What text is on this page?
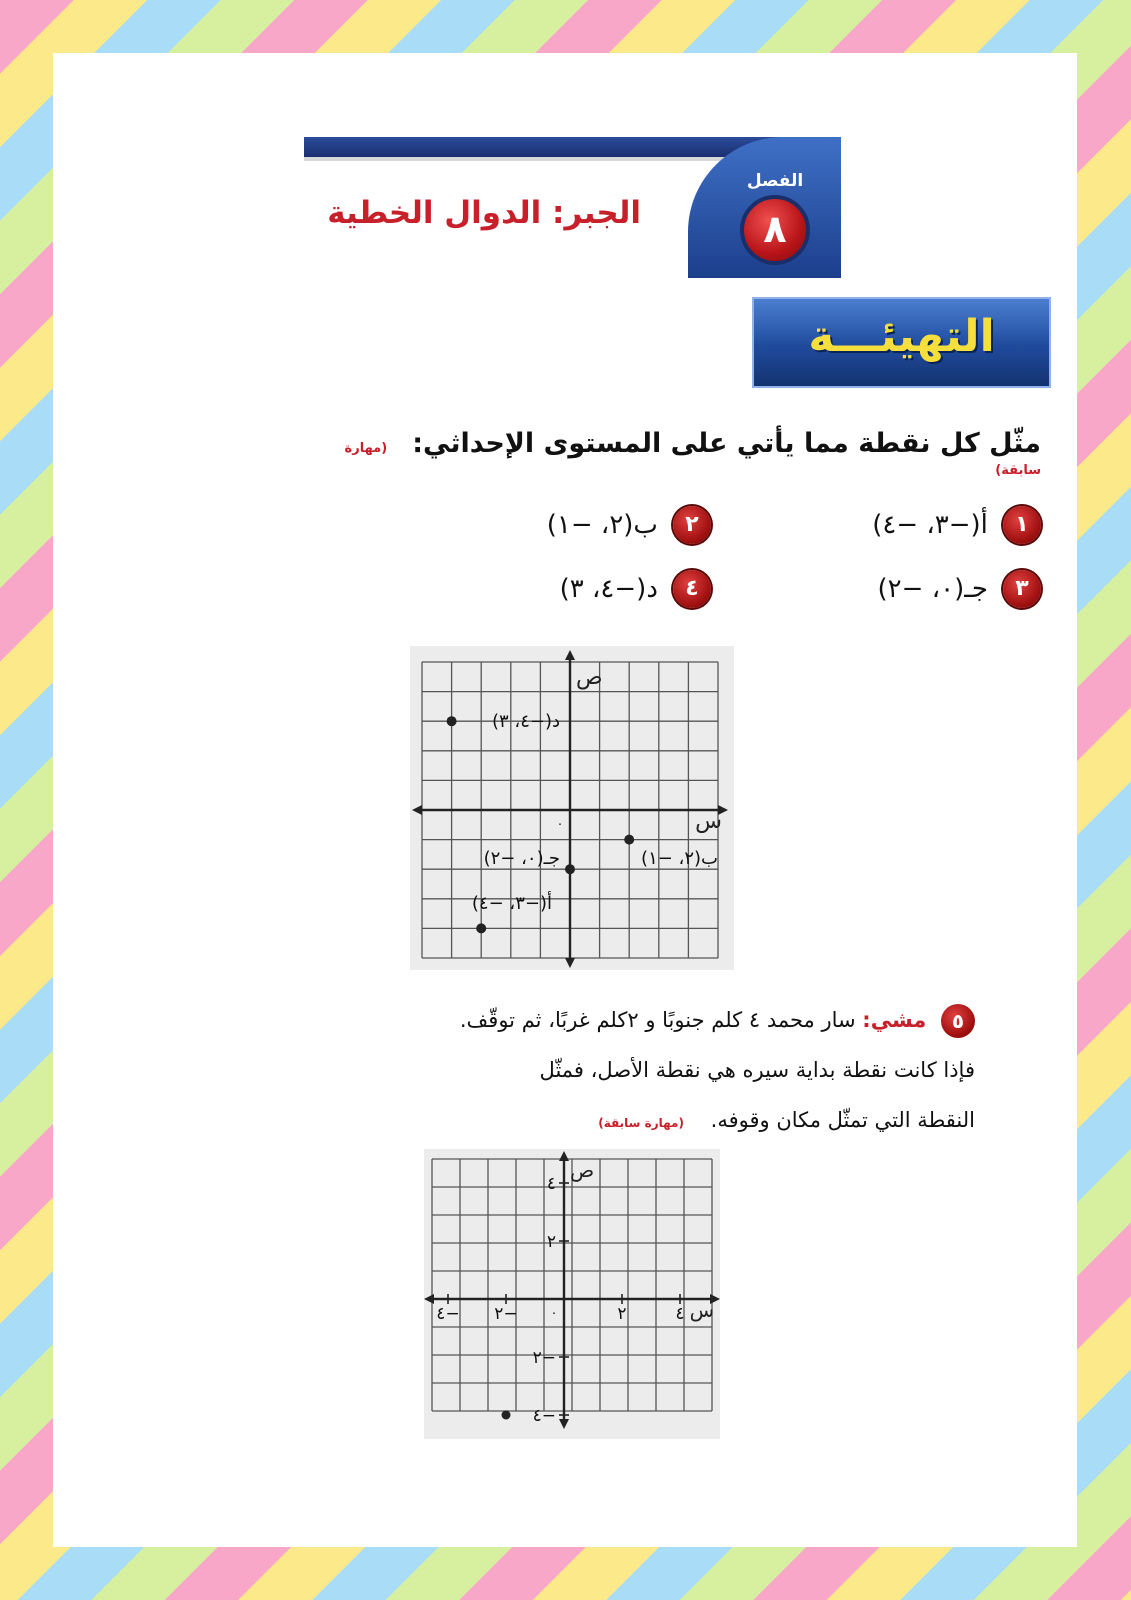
الفصل
٨
الجبر: الدوال الخطية
التهيئـــة
مثّل كل نقطة مما يأتي على المستوى الإحداثي: (مهارة سابقة)
١ أ(−٣، −٤)
٢ ب(٢، −١)
٣ جـ(٠، −٢)
٤ د(−٤، ٣)
ص
س
٠
د(−٤، ٣)
ب(٢، −١)
جـ(٠، −٢)
أ(−٣، −٤)
٥ مشي: سار محمد ٤ كلم جنوبًا و ٢كلم غربًا، ثم توقّف.
فإذا كانت نقطة بداية سيره هي نقطة الأصل، فمثّل
النقطة التي تمثّل مكان وقوفه. (مهارة سابقة)
ص
س
٠
٤− ٢−	٢	٤
٤
٢
٢−
٤−
